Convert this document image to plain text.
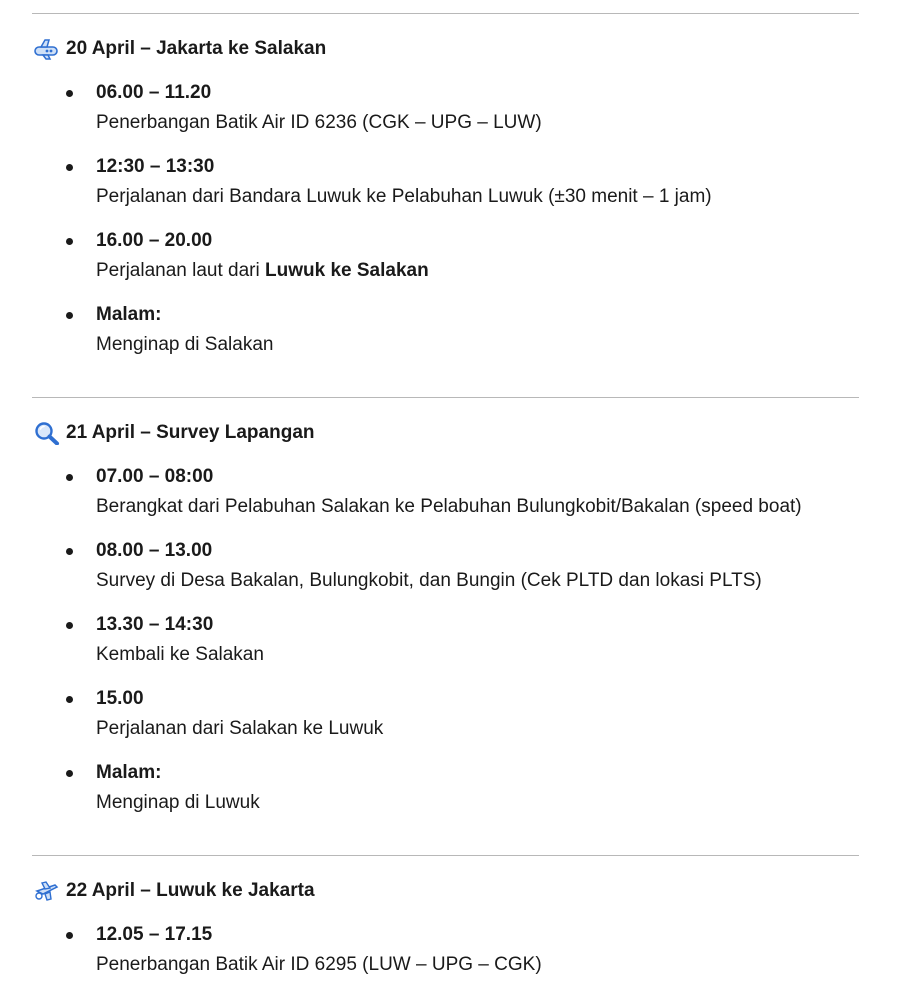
20 April – Jakarta ke Salakan
06.00 – 11.20
Penerbangan Batik Air ID 6236 (CGK – UPG – LUW)
12:30 – 13:30
Perjalanan dari Bandara Luwuk ke Pelabuhan Luwuk (±30 menit – 1 jam)
16.00 – 20.00
Perjalanan laut dari Luwuk ke Salakan
Malam:
Menginap di Salakan
21 April – Survey Lapangan
07.00 – 08:00
Berangkat dari Pelabuhan Salakan ke Pelabuhan Bulungkobit/Bakalan (speed boat)
08.00 – 13.00
Survey di Desa Bakalan, Bulungkobit, dan Bungin (Cek PLTD dan lokasi PLTS)
13.30 – 14:30
Kembali ke Salakan
15.00
Perjalanan dari Salakan ke Luwuk
Malam:
Menginap di Luwuk
22 April – Luwuk ke Jakarta
12.05 – 17.15
Penerbangan Batik Air ID 6295 (LUW – UPG – CGK)
